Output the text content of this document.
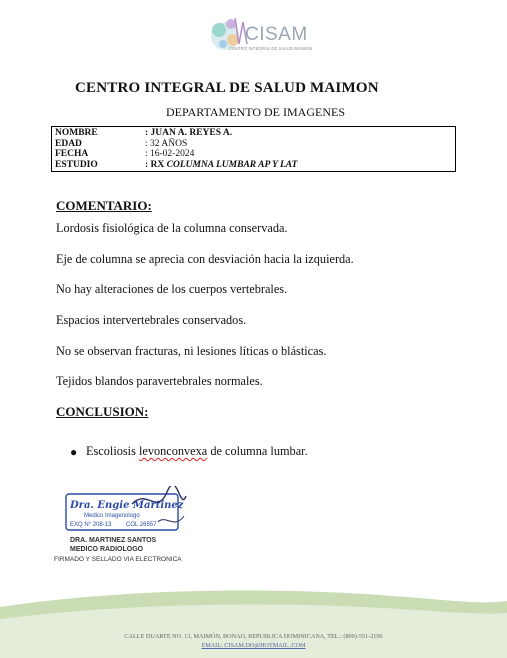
CISAM
CENTRO INTEGRAL DE SALUD MAIMON
CENTRO INTEGRAL DE SALUD MAIMON
DEPARTAMENTO DE IMAGENES
NOMBRE	: JUAN A. REYES A.
EDAD	: 32 AÑOS
FECHA	: 16-02-2024
ESTUDIO	: RX COLUMNA LUMBAR AP Y LAT
COMENTARIO:
Lordosis fisiológica de la columna conservada.
Eje de columna se aprecia con desviación hacia la izquierda.
No hay alteraciones de los cuerpos vertebrales.
Espacios intervertebrales conservados.
No se observan fracturas, ni lesiones líticas o blásticas.
Tejidos blandos paravertebrales normales.
CONCLUSION:
● Escoliosis levonconvexa de columna lumbar.
Dra. Engie Martinez
Medico Imagenologo
EXQ N° 208-13 COL 26557
DRA. MARTINEZ SANTOS
MEDICO RADIOLOGO
FIRMADO Y SELLADO VIA ELECTRONICA
CALLE DUARTE NO. 13, MAIMÓN, BONAO, REPUBLICA DOMINICANA, TEL.: (809)-551-2196
EMAIL: CISAM.DO@HOTMAIL .COM
